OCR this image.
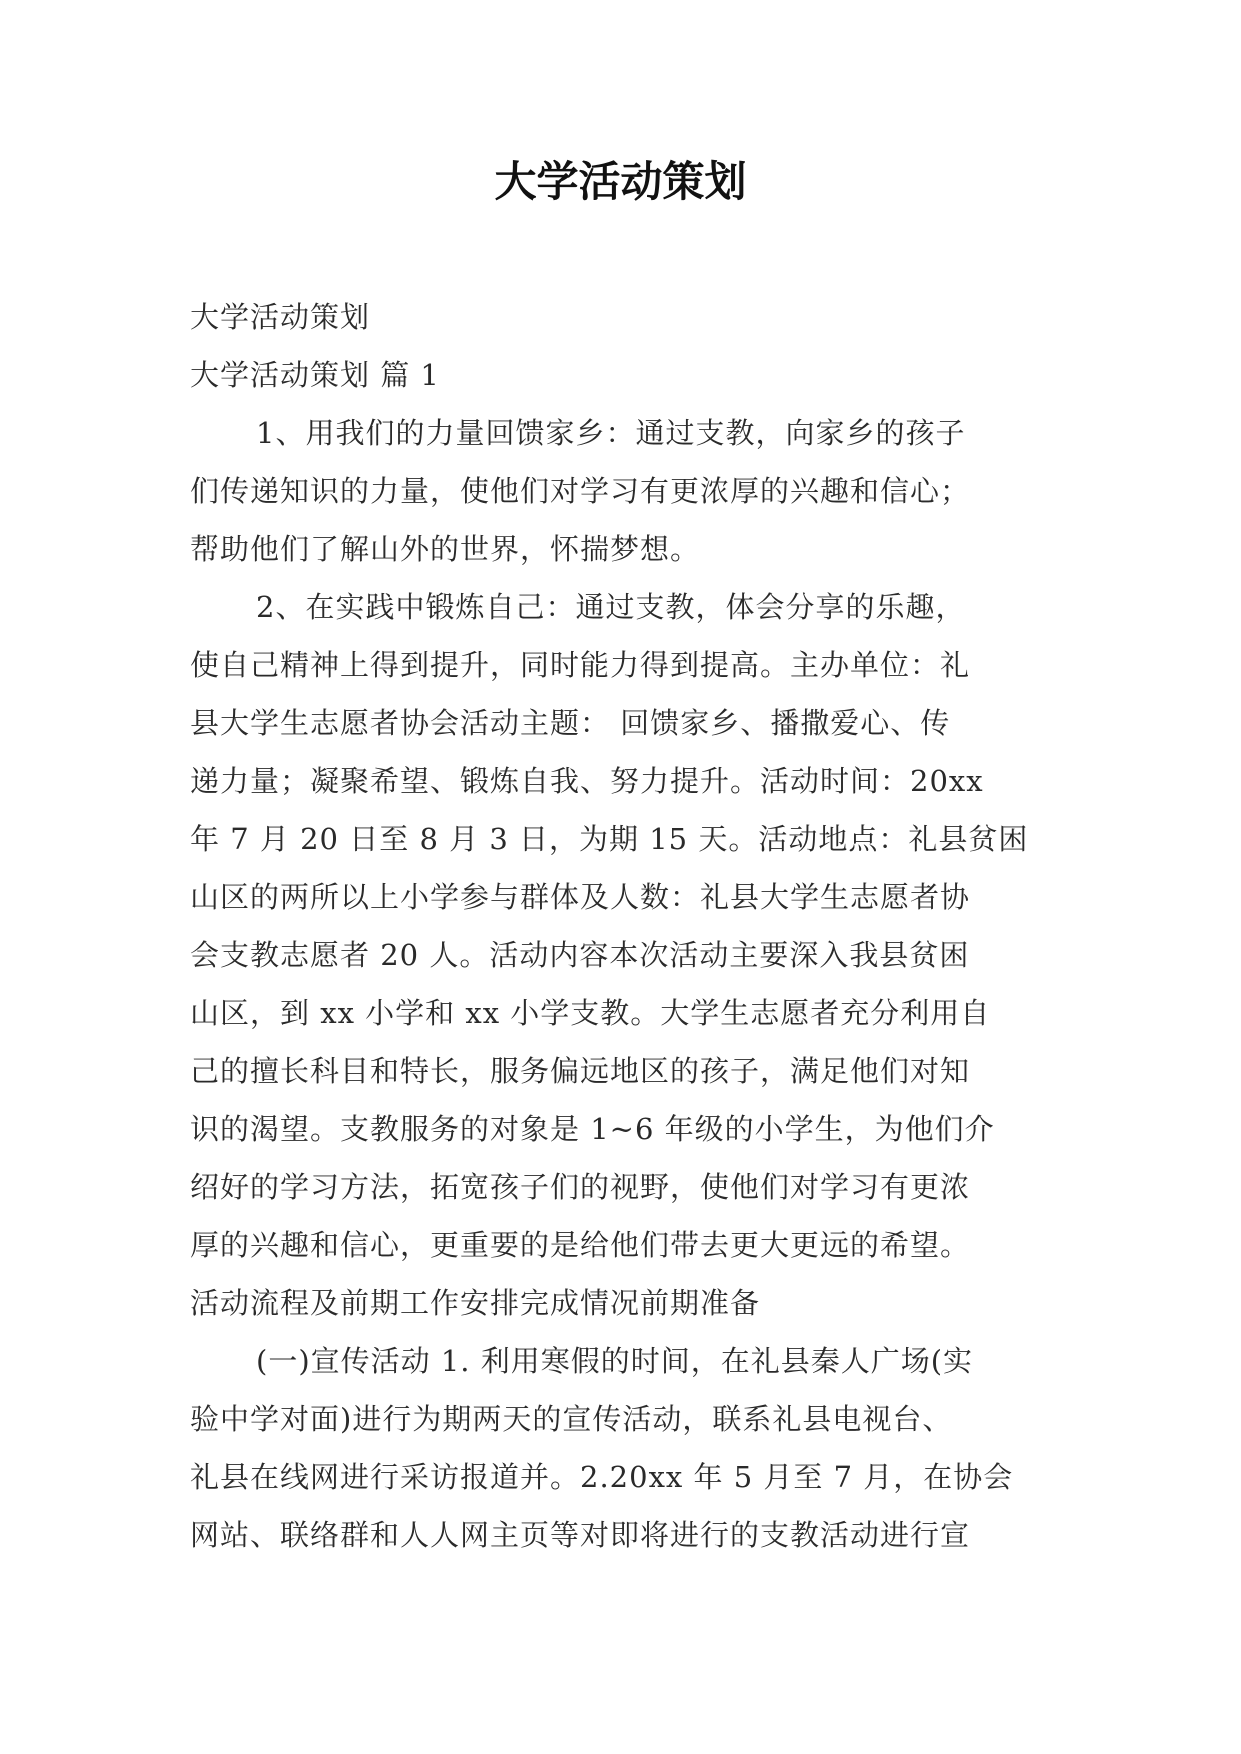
大学活动策划
大学活动策划
大学活动策划 篇 1
1、用我们的力量回馈家乡：通过支教，向家乡的孩子
们传递知识的力量，使他们对学习有更浓厚的兴趣和信心；
帮助他们了解山外的世界，怀揣梦想。
2、在实践中锻炼自己：通过支教，体会分享的乐趣，
使自己精神上得到提升，同时能力得到提高。主办单位：礼
县大学生志愿者协会活动主题： 回馈家乡、播撒爱心、传
递力量；凝聚希望、锻炼自我、努力提升。活动时间：20xx
年 7 月 20 日至 8 月 3 日，为期 15 天。活动地点：礼县贫困
山区的两所以上小学参与群体及人数：礼县大学生志愿者协
会支教志愿者 20 人。活动内容本次活动主要深入我县贫困
山区，到 xx 小学和 xx 小学支教。大学生志愿者充分利用自
己的擅长科目和特长，服务偏远地区的孩子，满足他们对知
识的渴望。支教服务的对象是 1~6 年级的小学生，为他们介
绍好的学习方法，拓宽孩子们的视野，使他们对学习有更浓
厚的兴趣和信心，更重要的是给他们带去更大更远的希望。
活动流程及前期工作安排完成情况前期准备
(一)宣传活动 1. 利用寒假的时间，在礼县秦人广场(实
验中学对面)进行为期两天的宣传活动，联系礼县电视台、
礼县在线网进行采访报道并。2.20xx 年 5 月至 7 月，在协会
网站、联络群和人人网主页等对即将进行的支教活动进行宣
